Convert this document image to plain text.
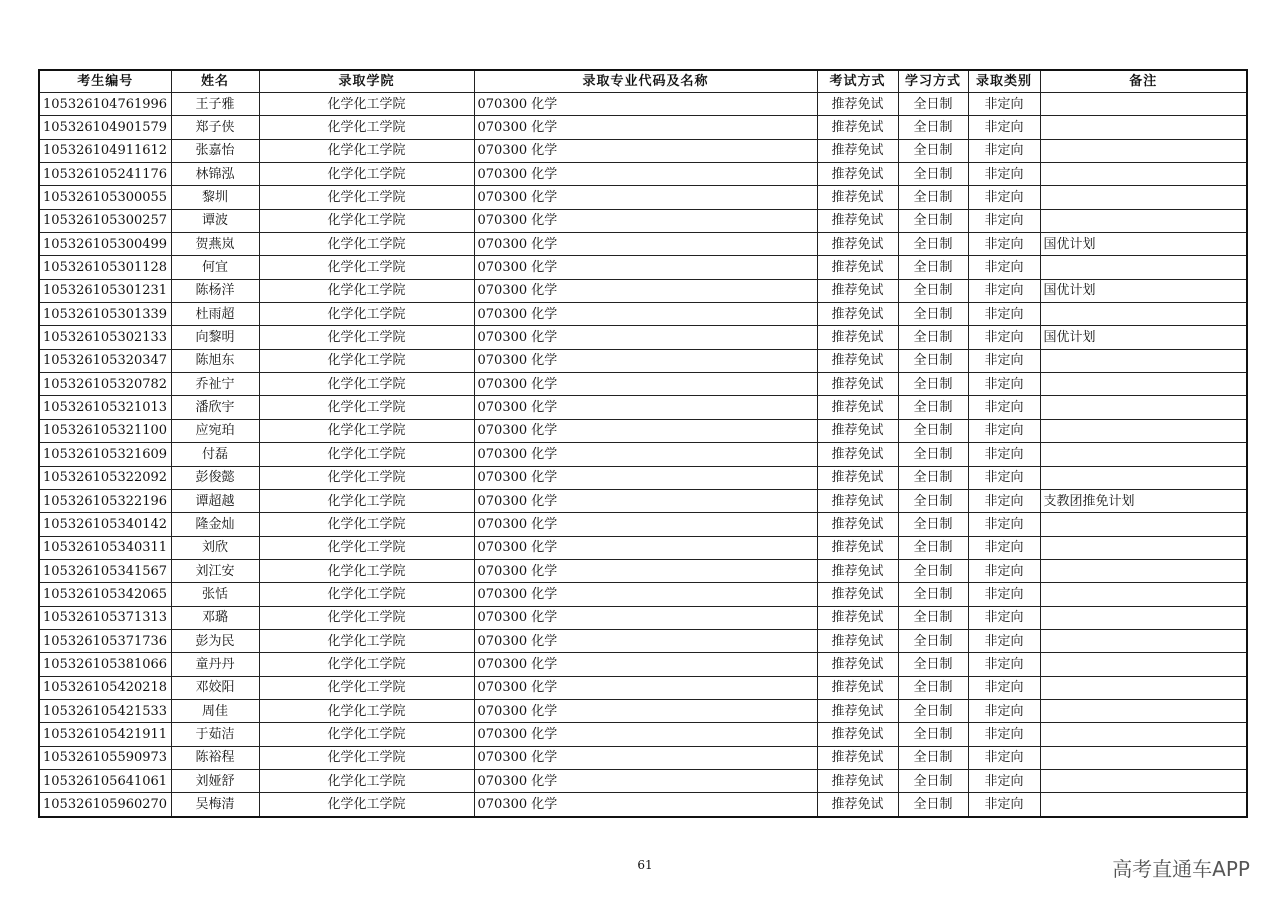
考生编号	姓名	录取学院	录取专业代码及名称	考试方式	学习方式	录取类别	备注
105326104761996	王子雅	化学化工学院	070300 化学	推荐免试	全日制	非定向	
105326104901579	郑子侠	化学化工学院	070300 化学	推荐免试	全日制	非定向	
105326104911612	张嘉怡	化学化工学院	070300 化学	推荐免试	全日制	非定向	
105326105241176	林锦泓	化学化工学院	070300 化学	推荐免试	全日制	非定向	
105326105300055	黎圳	化学化工学院	070300 化学	推荐免试	全日制	非定向	
105326105300257	谭波	化学化工学院	070300 化学	推荐免试	全日制	非定向	
105326105300499	贺燕岚	化学化工学院	070300 化学	推荐免试	全日制	非定向	国优计划
105326105301128	何宜	化学化工学院	070300 化学	推荐免试	全日制	非定向	
105326105301231	陈杨洋	化学化工学院	070300 化学	推荐免试	全日制	非定向	国优计划
105326105301339	杜雨超	化学化工学院	070300 化学	推荐免试	全日制	非定向	
105326105302133	向黎明	化学化工学院	070300 化学	推荐免试	全日制	非定向	国优计划
105326105320347	陈旭东	化学化工学院	070300 化学	推荐免试	全日制	非定向	
105326105320782	乔祉宁	化学化工学院	070300 化学	推荐免试	全日制	非定向	
105326105321013	潘欣宇	化学化工学院	070300 化学	推荐免试	全日制	非定向	
105326105321100	应宛珀	化学化工学院	070300 化学	推荐免试	全日制	非定向	
105326105321609	付磊	化学化工学院	070300 化学	推荐免试	全日制	非定向	
105326105322092	彭俊懿	化学化工学院	070300 化学	推荐免试	全日制	非定向	
105326105322196	谭超越	化学化工学院	070300 化学	推荐免试	全日制	非定向	支教团推免计划
105326105340142	隆金灿	化学化工学院	070300 化学	推荐免试	全日制	非定向	
105326105340311	刘欣	化学化工学院	070300 化学	推荐免试	全日制	非定向	
105326105341567	刘江安	化学化工学院	070300 化学	推荐免试	全日制	非定向	
105326105342065	张恬	化学化工学院	070300 化学	推荐免试	全日制	非定向	
105326105371313	邓璐	化学化工学院	070300 化学	推荐免试	全日制	非定向	
105326105371736	彭为民	化学化工学院	070300 化学	推荐免试	全日制	非定向	
105326105381066	童丹丹	化学化工学院	070300 化学	推荐免试	全日制	非定向	
105326105420218	邓姣阳	化学化工学院	070300 化学	推荐免试	全日制	非定向	
105326105421533	周佳	化学化工学院	070300 化学	推荐免试	全日制	非定向	
105326105421911	于茹洁	化学化工学院	070300 化学	推荐免试	全日制	非定向	
105326105590973	陈裕程	化学化工学院	070300 化学	推荐免试	全日制	非定向	
105326105641061	刘娅舒	化学化工学院	070300 化学	推荐免试	全日制	非定向	
105326105960270	吴梅清	化学化工学院	070300 化学	推荐免试	全日制	非定向	
61	高考直通车APP
